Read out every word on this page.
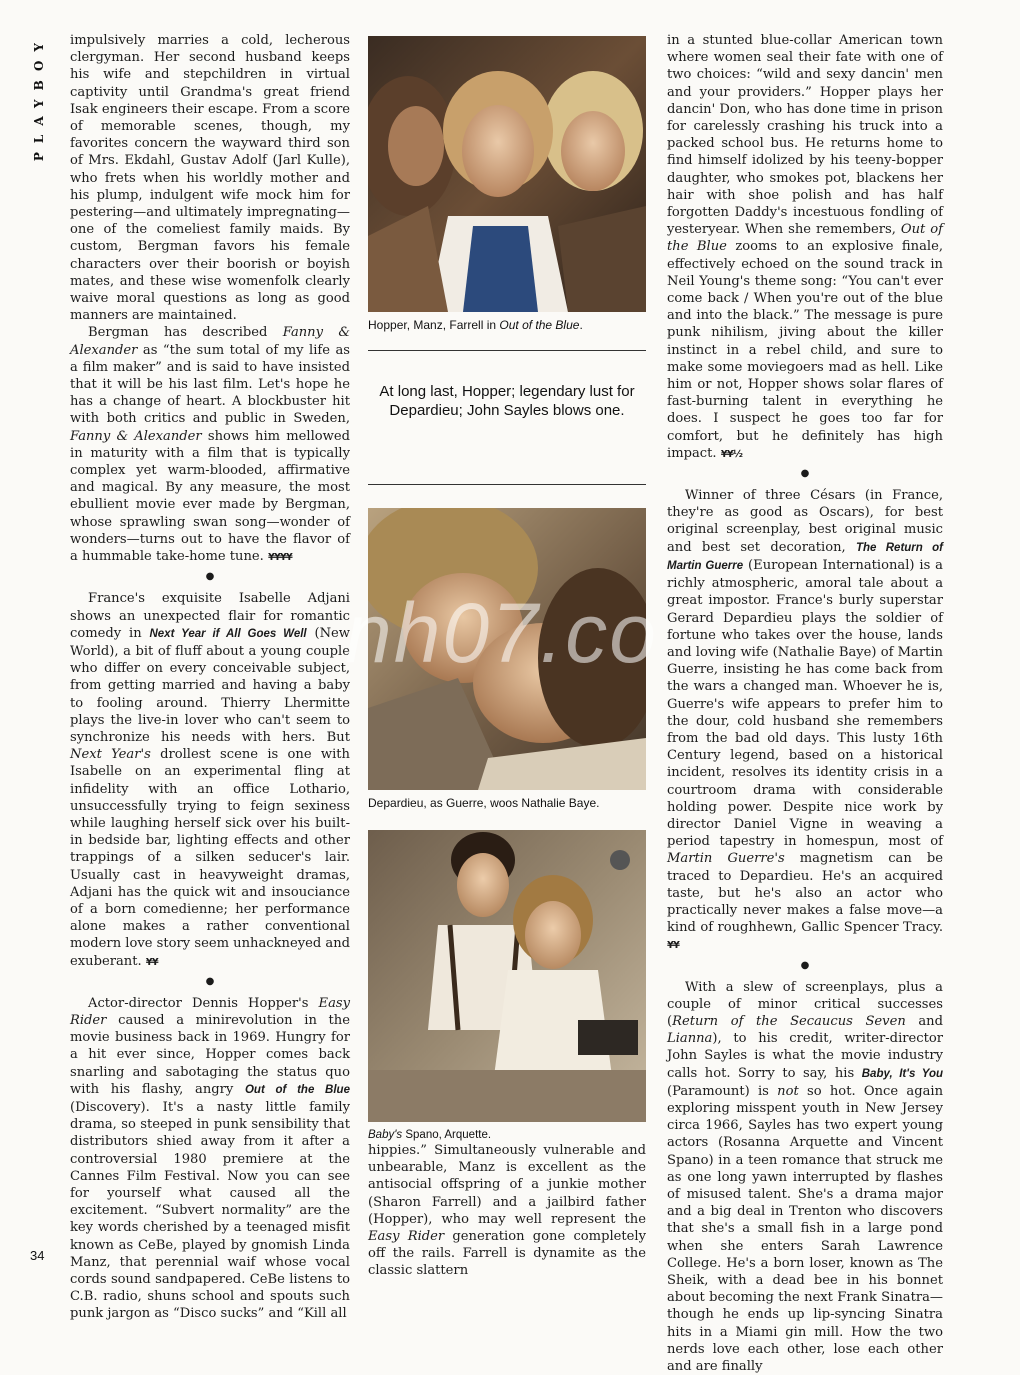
PLAYBOY
34

impulsively marries a cold, lecherous clergyman. Her second husband keeps his wife and stepchildren in virtual captivity until Grandma's great friend Isak engineers their escape. From a score of memorable scenes, though, my favorites concern the wayward third son of Mrs. Ekdahl, Gustav Adolf (Jarl Kulle), who frets when his worldly mother and his plump, indulgent wife mock him for pestering—and ultimately impregnating—one of the comeliest family maids. By custom, Bergman favors his female characters over their boorish or boyish mates, and these wise womenfolk clearly waive moral questions as long as good manners are maintained.

Bergman has described Fanny & Alexander as “the sum total of my life as a film maker” and is said to have insisted that it will be his last film. Let's hope he has a change of heart. A blockbuster hit with both critics and public in Sweden, Fanny & Alexander shows him mellowed in maturity with a film that is typically complex yet warm-blooded, affirmative and magical. By any measure, the most ebullient movie ever made by Bergman, whose sprawling swan song—wonder of wonders—turns out to have the flavor of a hummable take-home tune. ¥¥¥¥

●

France's exquisite Isabelle Adjani shows an unexpected flair for romantic comedy in Next Year if All Goes Well (New World), a bit of fluff about a young couple who differ on every conceivable subject, from getting married and having a baby to fooling around. Thierry Lhermitte plays the live-in lover who can't seem to synchronize his needs with hers. But Next Year's drollest scene is one with Isabelle on an experimental fling at infidelity with an office Lothario, unsuccessfully trying to feign sexiness while laughing herself sick over his built-in bedside bar, lighting effects and other trappings of a silken seducer's lair. Usually cast in heavyweight dramas, Adjani has the quick wit and insouciance of a born comedienne; her performance alone makes a rather conventional modern love story seem unhackneyed and exuberant. ¥¥

●

Actor-director Dennis Hopper's Easy Rider caused a minirevolution in the movie business back in 1969. Hungry for a hit ever since, Hopper comes back snarling and sabotaging the status quo with his flashy, angry Out of the Blue (Discovery). It's a nasty little family drama, so steeped in punk sensibility that distributors shied away from it after a controversial 1980 premiere at the Cannes Film Festival. Now you can see for yourself what caused all the excitement. “Subvert normality” are the key words cherished by a teenaged misfit known as CeBe, played by gnomish Linda Manz, that perennial waif whose vocal cords sound sandpapered. CeBe listens to C.B. radio, shuns school and spouts such punk jargon as “Disco sucks” and “Kill all

Hopper, Manz, Farrell in Out of the Blue.
At long last, Hopper; legendary lust for Depardieu; John Sayles blows one.
Depardieu, as Guerre, woos Nathalie Baye.
Baby's Spano, Arquette.

hippies.” Simultaneously vulnerable and unbearable, Manz is excellent as the antisocial offspring of a junkie mother (Sharon Farrell) and a jailbird father (Hopper), who may well represent the Easy Rider generation gone completely off the rails. Farrell is dynamite as the classic slattern

nh07.co

in a stunted blue-collar American town where women seal their fate with one of two choices: “wild and sexy dancin' men and your providers.” Hopper plays her dancin' Don, who has done time in prison for carelessly crashing his truck into a packed school bus. He returns home to find himself idolized by his teeny-bopper daughter, who smokes pot, blackens her hair with shoe polish and has half forgotten Daddy's incestuous fondling of yesteryear. When she remembers, Out of the Blue zooms to an explosive finale, effectively echoed on the sound track in Neil Young's theme song: “You can't ever come back / When you're out of the blue and into the black.” The message is pure punk nihilism, jiving about the killer instinct in a rebel child, and sure to make some moviegoers mad as hell. Like him or not, Hopper shows solar flares of fast-burning talent in everything he does. I suspect he goes too far for comfort, but he definitely has high impact. ¥¥½

●

Winner of three Césars (in France, they're as good as Oscars), for best original screenplay, best original music and best set decoration, The Return of Martin Guerre (European International) is a richly atmospheric, amoral tale about a great impostor. France's burly superstar Gerard Depardieu plays the soldier of fortune who takes over the house, lands and loving wife (Nathalie Baye) of Martin Guerre, insisting he has come back from the wars a changed man. Whoever he is, Guerre's wife appears to prefer him to the dour, cold husband she remembers from the bad old days. This lusty 16th Century legend, based on a historical incident, resolves its identity crisis in a courtroom drama with considerable holding power. Despite nice work by director Daniel Vigne in weaving a period tapestry in homespun, most of Martin Guerre's magnetism can be traced to Depardieu. He's an acquired taste, but he's also an actor who practically never makes a false move—a kind of roughhewn, Gallic Spencer Tracy. ¥¥

●

With a slew of screenplays, plus a couple of minor critical successes (Return of the Secaucus Seven and Lianna), to his credit, writer-director John Sayles is what the movie industry calls hot. Sorry to say, his Baby, It's You (Paramount) is not so hot. Once again exploring misspent youth in New Jersey circa 1966, Sayles has two expert young actors (Rosanna Arquette and Vincent Spano) in a teen romance that struck me as one long yawn interrupted by flashes of misused talent. She's a drama major and a big deal in Trenton who discovers that she's a small fish in a large pond when she enters Sarah Lawrence College. He's a born loser, known as The Sheik, with a dead bee in his bonnet about becoming the next Frank Sinatra—though he ends up lip-syncing Sinatra hits in a Miami gin mill. How the two nerds love each other, lose each other and are finally
